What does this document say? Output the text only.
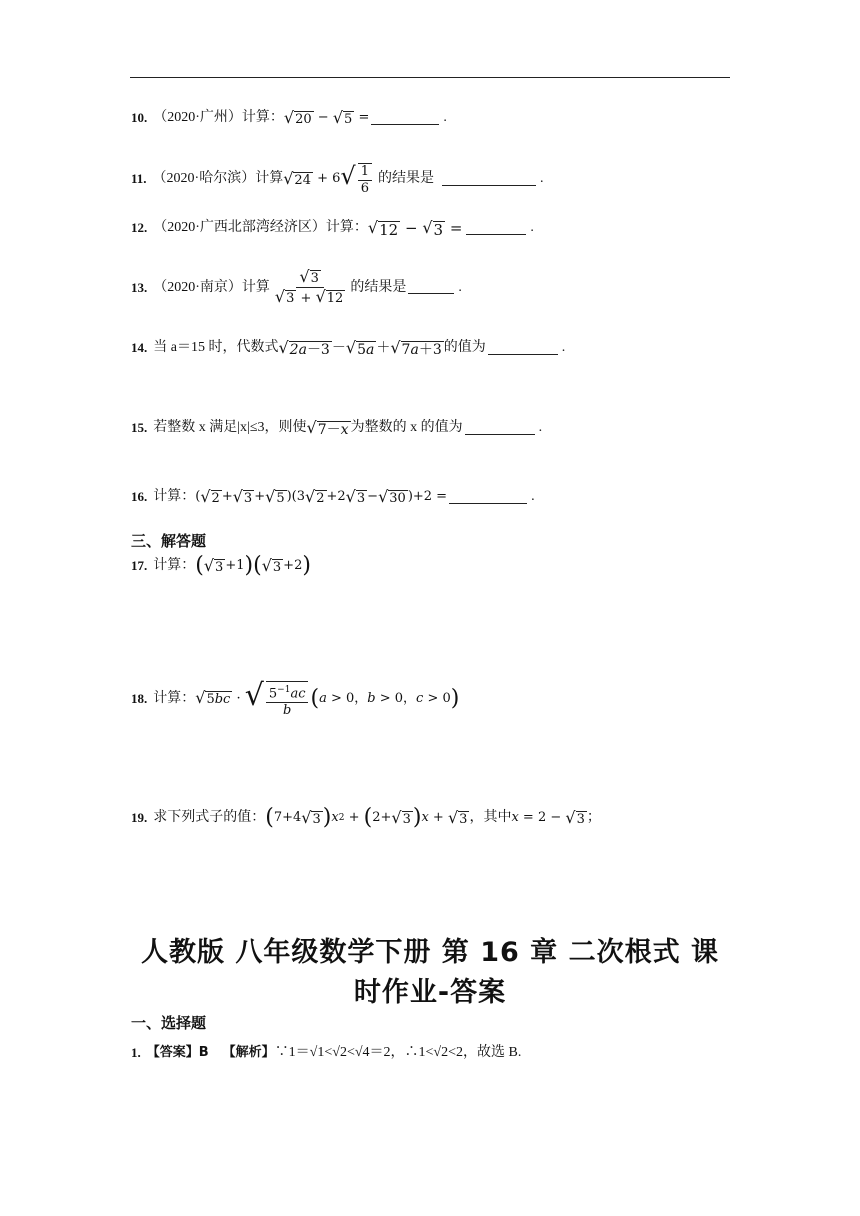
10. （2020·广州）计算： √ 20 − √ 5 =	.
11. （2020·哈尔滨）计算 √ 24 + 6 √ $\frac{1}{6}$ 的结果是	.
12. （2020·广西北部湾经济区）计算： √ 12 − √ 3 =	.
13. （2020·南京）计算 $\frac{√ 3}{√ 3 + √ 12}$ 的结果是	.
14. 当 a＝15 时，代数式 √ 2a－3 － √ 5a ＋ √ 7a＋3 的值为	.
15. 若整数 x 满足|x|≤3，则使 √ 7－x 为整数的 x 的值为	.
16. 计算： ( √ 2 + √ 3 + √ 5 )(3 √ 2 +2 √ 3 − √ 30 )+2 =	.
三、解答题
17. 计算： ( √ 3 +1 ) ( √ 3 +2 )
18. 计算： √ 5bc · √ $\frac{5^{-1}ac}{b}$ ( a > 0， b > 0， c > 0 )
19. 求下列式子的值： ( 7+4 √ 3 ) x 2 + ( 2+ √ 3 ) x + √ 3 ，其中 x = 2 − √ 3 ；
人教版 八年级数学下册 第 16 章 二次根式 课
时作业-答案
一、选择题
1. 【答案】B 【解析】 ∵1＝√1<√2<√4＝2，∴1<√2<2，故选 B.
